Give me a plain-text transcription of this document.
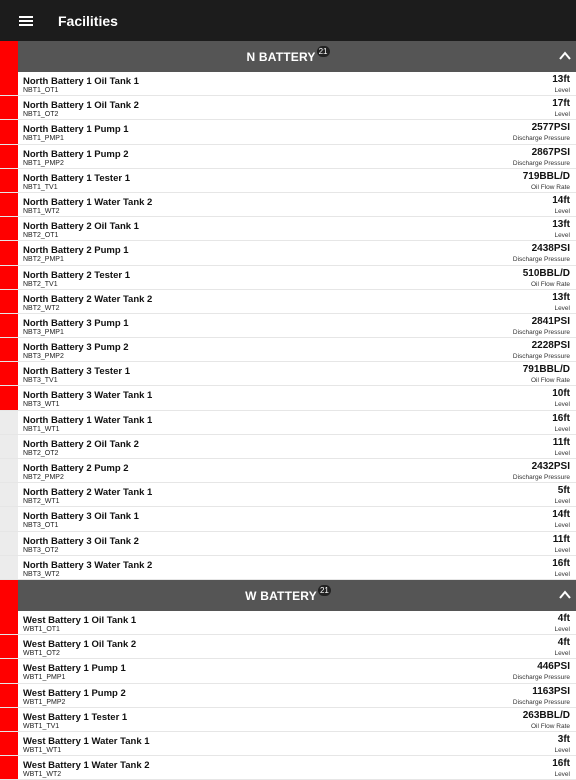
Facilities
N BATTERY 21
North Battery 1 Oil Tank 1
NBT1_OT1
13ft
Level
North Battery 1 Oil Tank 2
NBT1_OT2
17ft
Level
North Battery 1 Pump 1
NBT1_PMP1
2577PSI
Discharge Pressure
North Battery 1 Pump 2
NBT1_PMP2
2867PSI
Discharge Pressure
North Battery 1 Tester 1
NBT1_TV1
719BBL/D
Oil Flow Rate
North Battery 1 Water Tank 2
NBT1_WT2
14ft
Level
North Battery 2 Oil Tank 1
NBT2_OT1
13ft
Level
North Battery 2 Pump 1
NBT2_PMP1
2438PSI
Discharge Pressure
North Battery 2 Tester 1
NBT2_TV1
510BBL/D
Oil Flow Rate
North Battery 2 Water Tank 2
NBT2_WT2
13ft
Level
North Battery 3 Pump 1
NBT3_PMP1
2841PSI
Discharge Pressure
North Battery 3 Pump 2
NBT3_PMP2
2228PSI
Discharge Pressure
North Battery 3 Tester 1
NBT3_TV1
791BBL/D
Oil Flow Rate
North Battery 3 Water Tank 1
NBT3_WT1
10ft
Level
North Battery 1 Water Tank 1
NBT1_WT1
16ft
Level
North Battery 2 Oil Tank 2
NBT2_OT2
11ft
Level
North Battery 2 Pump 2
NBT2_PMP2
2432PSI
Discharge Pressure
North Battery 2 Water Tank 1
NBT2_WT1
5ft
Level
North Battery 3 Oil Tank 1
NBT3_OT1
14ft
Level
North Battery 3 Oil Tank 2
NBT3_OT2
11ft
Level
North Battery 3 Water Tank 2
NBT3_WT2
16ft
Level
W BATTERY 21
West Battery 1 Oil Tank 1
WBT1_OT1
4ft
Level
West Battery 1 Oil Tank 2
WBT1_OT2
4ft
Level
West Battery 1 Pump 1
WBT1_PMP1
446PSI
Discharge Pressure
West Battery 1 Pump 2
WBT1_PMP2
1163PSI
Discharge Pressure
West Battery 1 Tester 1
WBT1_TV1
263BBL/D
Oil Flow Rate
West Battery 1 Water Tank 1
WBT1_WT1
3ft
Level
West Battery 1 Water Tank 2
WBT1_WT2
16ft
Level
